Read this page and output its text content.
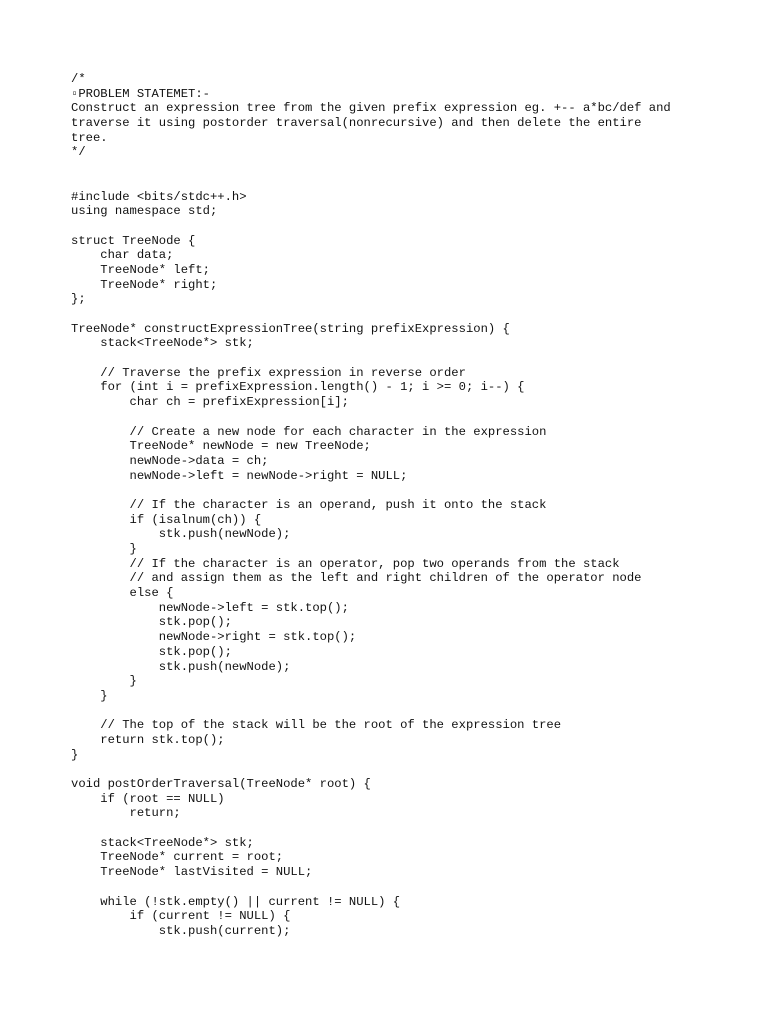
/*
▫PROBLEM STATEMET:-
Construct an expression tree from the given prefix expression eg. +-- a*bc/def and
traverse it using postorder traversal(nonrecursive) and then delete the entire
tree.
*/
#include <bits/stdc++.h>
using namespace std;
struct TreeNode {
char data;
TreeNode* left;
TreeNode* right;
};
TreeNode* constructExpressionTree(string prefixExpression) {
stack<TreeNode*> stk;
// Traverse the prefix expression in reverse order
for (int i = prefixExpression.length() - 1; i >= 0; i--) {
char ch = prefixExpression[i];
// Create a new node for each character in the expression
TreeNode* newNode = new TreeNode;
newNode->data = ch;
newNode->left = newNode->right = NULL;
// If the character is an operand, push it onto the stack
if (isalnum(ch)) {
stk.push(newNode);
}
// If the character is an operator, pop two operands from the stack
// and assign them as the left and right children of the operator node
else {
newNode->left = stk.top();
stk.pop();
newNode->right = stk.top();
stk.pop();
stk.push(newNode);
}
}
// The top of the stack will be the root of the expression tree
return stk.top();
}
void postOrderTraversal(TreeNode* root) {
if (root == NULL)
return;
stack<TreeNode*> stk;
TreeNode* current = root;
TreeNode* lastVisited = NULL;
while (!stk.empty() || current != NULL) {
if (current != NULL) {
stk.push(current);
